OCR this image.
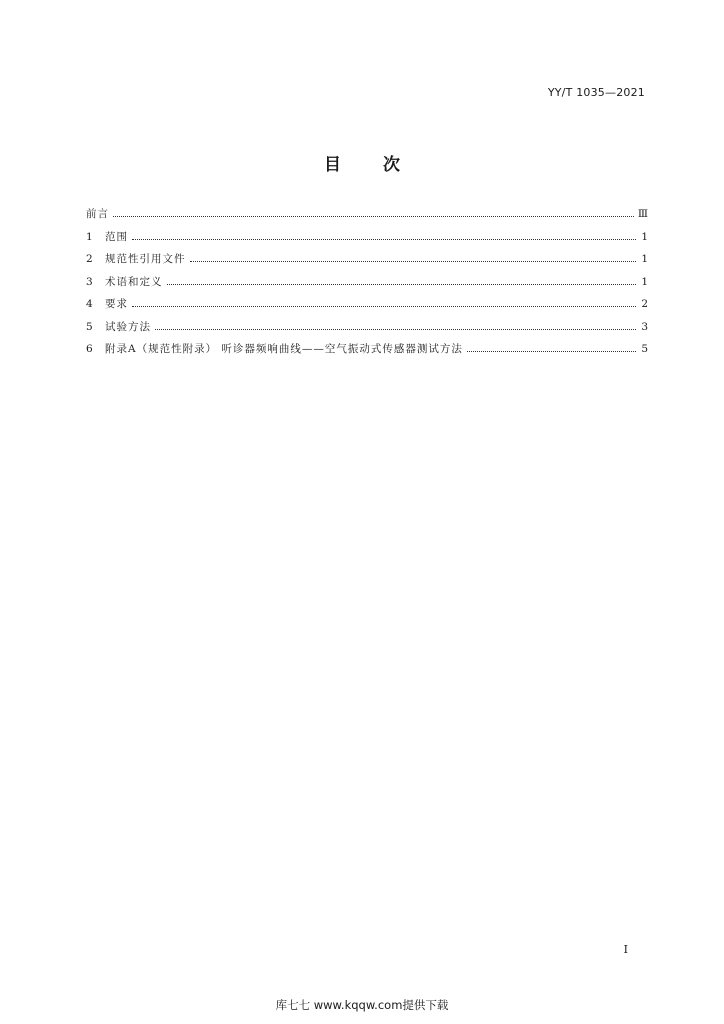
YY/T 1035—2021
目 次
前言	Ⅲ
1	范围	1
2	规范性引用文件	1
3	术语和定义	1
4	要求	2
5	试验方法	3
6	附录A（规范性附录） 听诊器频响曲线——空气振动式传感器测试方法	5
I
库七七 www.kqqw.com提供下载
